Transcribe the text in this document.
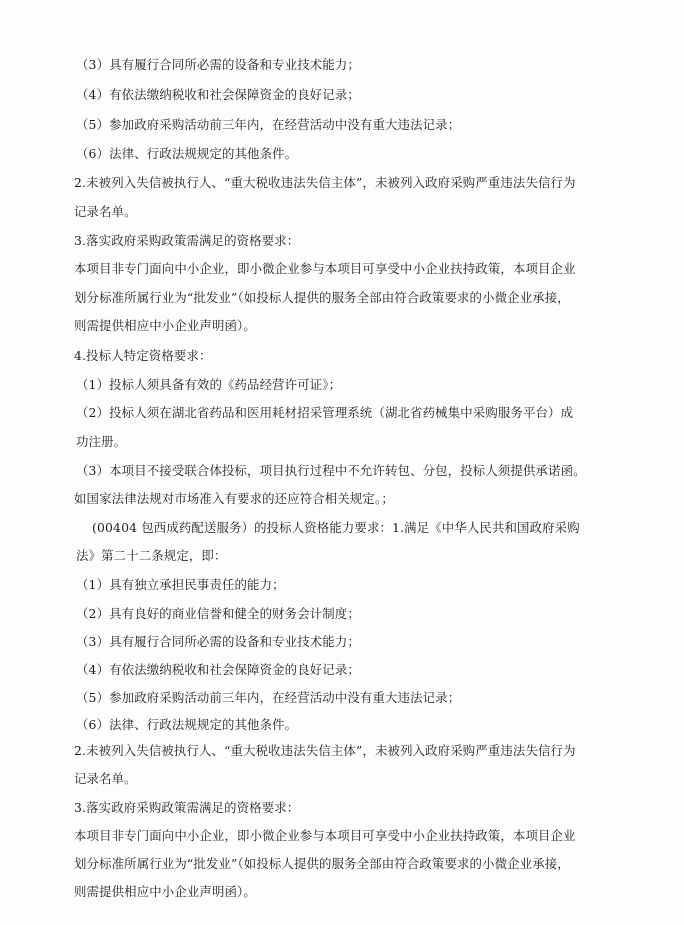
（3）具有履行合同所必需的设备和专业技术能力；
（4）有依法缴纳税收和社会保障资金的良好记录；
（5）参加政府采购活动前三年内，在经营活动中没有重大违法记录；
（6）法律、行政法规规定的其他条件。
2.未被列入失信被执行人、“重大税收违法失信主体”，未被列入政府采购严重违法失信行为
记录名单。
3.落实政府采购政策需满足的资格要求：
本项目非专门面向中小企业，即小微企业参与本项目可享受中小企业扶持政策，本项目企业
划分标准所属行业为“批发业”（如投标人提供的服务全部由符合政策要求的小微企业承接，
则需提供相应中小企业声明函）。
4.投标人特定资格要求：
（1）投标人须具备有效的《药品经营许可证》；
（2）投标人须在湖北省药品和医用耗材招采管理系统（湖北省药械集中采购服务平台）成
功注册。
（3）本项目不接受联合体投标，项目执行过程中不允许转包、分包，投标人须提供承诺函。
如国家法律法规对市场准入有要求的还应符合相关规定。；
(00404 包西成药配送服务）的投标人资格能力要求：1.满足《中华人民共和国政府采购
法》第二十二条规定，即：
（1）具有独立承担民事责任的能力；
（2）具有良好的商业信誉和健全的财务会计制度；
（3）具有履行合同所必需的设备和专业技术能力；
（4）有依法缴纳税收和社会保障资金的良好记录；
（5）参加政府采购活动前三年内，在经营活动中没有重大违法记录；
（6）法律、行政法规规定的其他条件。
2.未被列入失信被执行人、“重大税收违法失信主体”，未被列入政府采购严重违法失信行为
记录名单。
3.落实政府采购政策需满足的资格要求：
本项目非专门面向中小企业，即小微企业参与本项目可享受中小企业扶持政策，本项目企业
划分标准所属行业为“批发业”（如投标人提供的服务全部由符合政策要求的小微企业承接，
则需提供相应中小企业声明函）。
